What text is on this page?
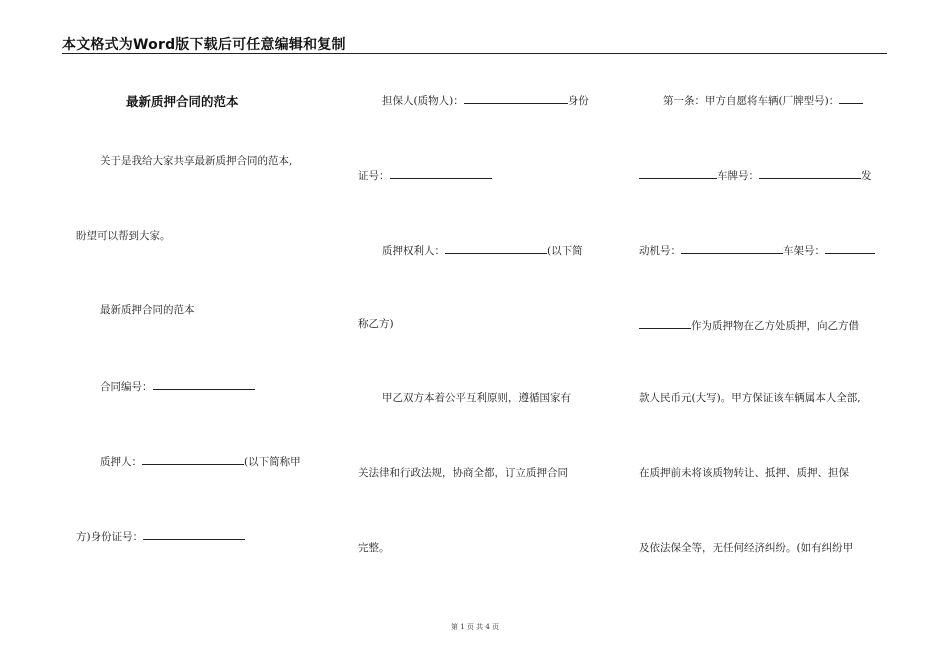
本文格式为Word版下载后可任意编辑和复制
最新质押合同的范本
关于是我给大家共享最新质押合同的范本,
盼望可以帮到大家。
最新质押合同的范本
合同编号：
质押人：	(以下简称甲
方)身份证号：
担保人(质物人)：	身份
证号：
质押权利人：	(以下简
称乙方)
甲乙双方本着公平互利原则，遵循国家有
关法律和行政法规，协商全都，订立质押合同
完整。
第一条：甲方自愿将车辆(厂牌型号)：
车牌号：	发
动机号：	车架号：
作为质押物在乙方处质押，向乙方借
款人民币元(大写)。甲方保证该车辆属本人全部,
在质押前未将该质物转让、抵押、质押、担保
及依法保全等，无任何经济纠纷。(如有纠纷甲
第 1 页 共 4 页
